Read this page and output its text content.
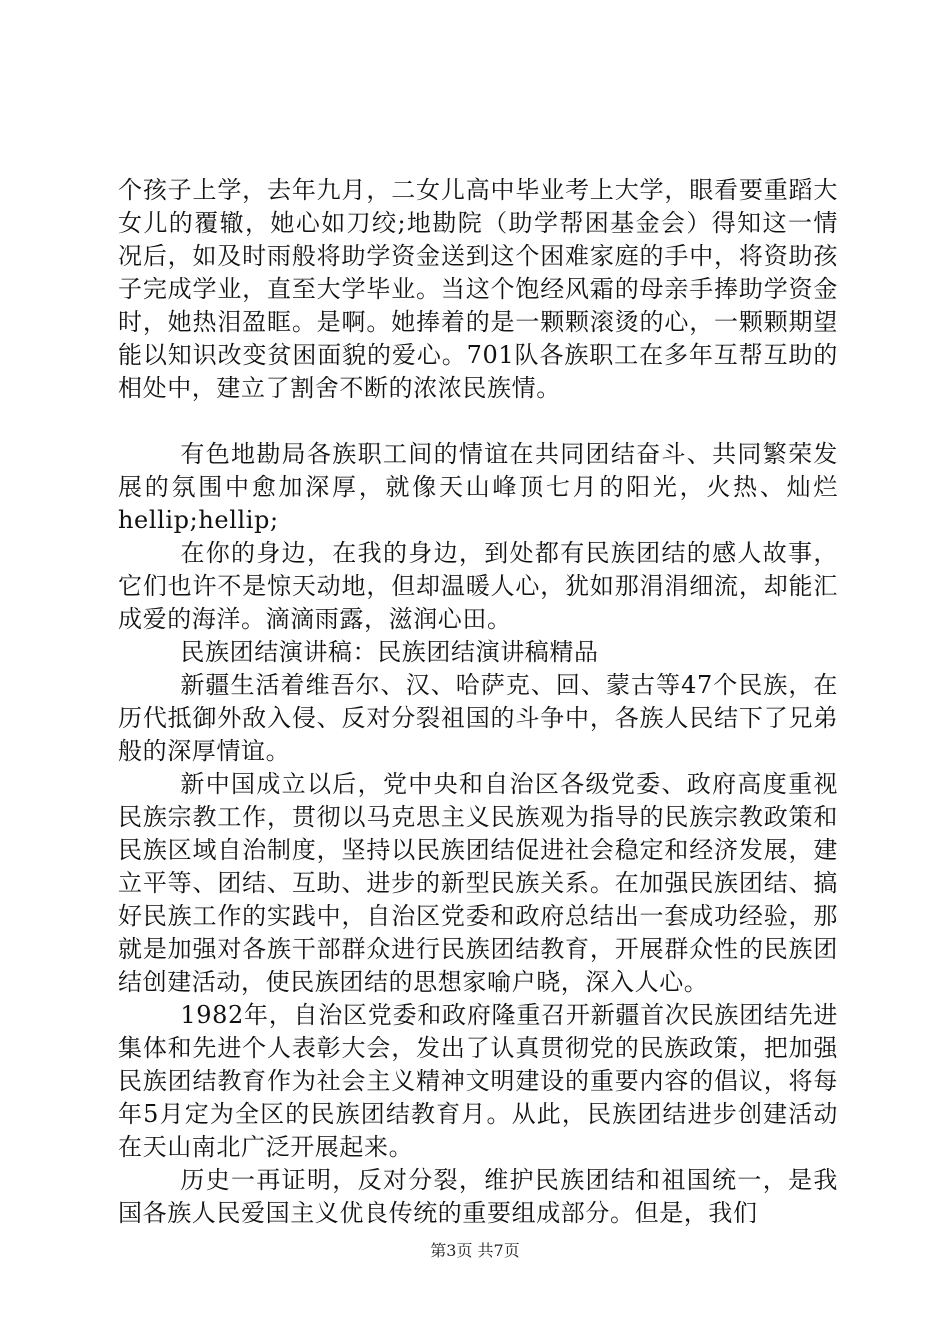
个孩子上学，去年九月，二女儿高中毕业考上大学，眼看要重蹈大女儿的覆辙，她心如刀绞;地勘院（助学帮困基金会）得知这一情况后，如及时雨般将助学资金送到这个困难家庭的手中，将资助孩子完成学业，直至大学毕业。当这个饱经风霜的母亲手捧助学资金时，她热泪盈眶。是啊。她捧着的是一颗颗滚烫的心，一颗颗期望能以知识改变贫困面貌的爱心。701队各族职工在多年互帮互助的相处中，建立了割舍不断的浓浓民族情。

有色地勘局各族职工间的情谊在共同团结奋斗、共同繁荣发展的氛围中愈加深厚，就像天山峰顶七月的阳光，火热、灿烂hellip;hellip;

在你的身边，在我的身边，到处都有民族团结的感人故事，它们也许不是惊天动地，但却温暖人心，犹如那涓涓细流，却能汇成爱的海洋。滴滴雨露，滋润心田。

民族团结演讲稿：民族团结演讲稿精品

新疆生活着维吾尔、汉、哈萨克、回、蒙古等47个民族，在历代抵御外敌入侵、反对分裂祖国的斗争中，各族人民结下了兄弟般的深厚情谊。

新中国成立以后，党中央和自治区各级党委、政府高度重视民族宗教工作，贯彻以马克思主义民族观为指导的民族宗教政策和民族区域自治制度，坚持以民族团结促进社会稳定和经济发展，建立平等、团结、互助、进步的新型民族关系。在加强民族团结、搞好民族工作的实践中，自治区党委和政府总结出一套成功经验，那就是加强对各族干部群众进行民族团结教育，开展群众性的民族团结创建活动，使民族团结的思想家喻户晓，深入人心。

1982年，自治区党委和政府隆重召开新疆首次民族团结先进集体和先进个人表彰大会，发出了认真贯彻党的民族政策，把加强民族团结教育作为社会主义精神文明建设的重要内容的倡议，将每年5月定为全区的民族团结教育月。从此，民族团结进步创建活动在天山南北广泛开展起来。

历史一再证明，反对分裂，维护民族团结和祖国统一，是我国各族人民爱国主义优良传统的重要组成部分。但是，我们

第3页 共7页
